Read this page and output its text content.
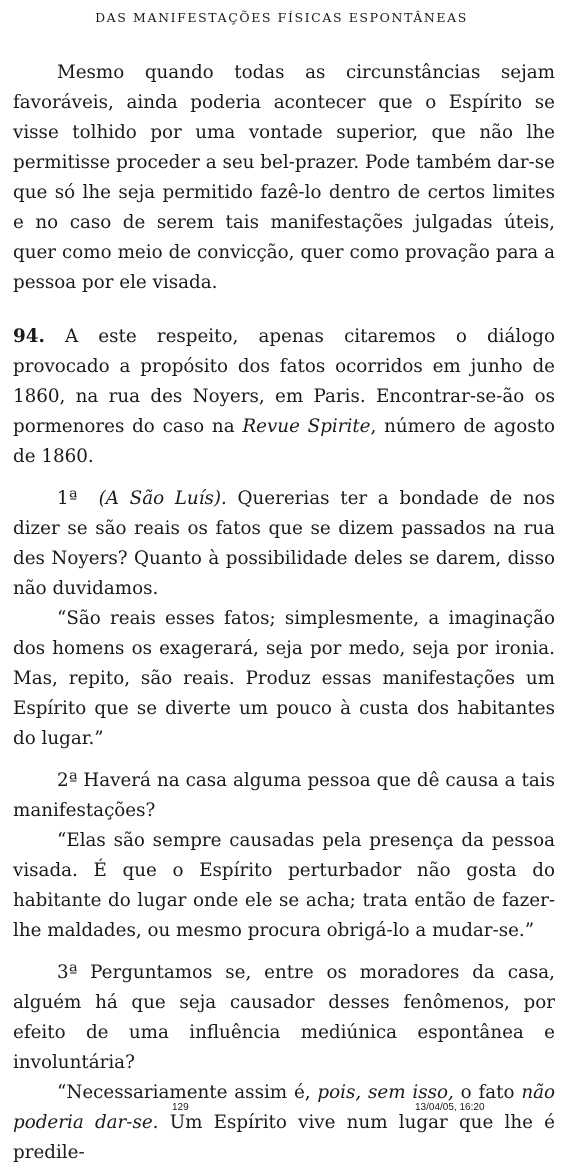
DAS MANIFESTAÇÕES FÍSICAS ESPONTÂNEAS

Mesmo quando todas as circunstâncias sejam favoráveis, ainda poderia acontecer que o Espírito se visse tolhido por uma vontade superior, que não lhe permitisse proceder a seu bel-prazer. Pode também dar-se que só lhe seja permitido fazê-lo dentro de certos limites e no caso de serem tais manifestações julgadas úteis, quer como meio de convicção, quer como provação para a pessoa por ele visada.

94. A este respeito, apenas citaremos o diálogo provocado a propósito dos fatos ocorridos em junho de 1860, na rua des Noyers, em Paris. Encontrar-se-ão os pormenores do caso na Revue Spirite, número de agosto de 1860.

1ª (A São Luís). Quererias ter a bondade de nos dizer se são reais os fatos que se dizem passados na rua des Noyers? Quanto à possibilidade deles se darem, disso não duvidamos.

“São reais esses fatos; simplesmente, a imaginação dos homens os exagerará, seja por medo, seja por ironia. Mas, repito, são reais. Produz essas manifestações um Espírito que se diverte um pouco à custa dos habitantes do lugar.”

2ª Haverá na casa alguma pessoa que dê causa a tais manifestações?

“Elas são sempre causadas pela presença da pessoa visada. É que o Espírito perturbador não gosta do habitante do lugar onde ele se acha; trata então de fazer-lhe maldades, ou mesmo procura obrigá-lo a mudar-se.”

3ª Perguntamos se, entre os moradores da casa, alguém há que seja causador desses fenômenos, por efeito de uma influência mediúnica espontânea e involuntária?

“Necessariamente assim é, pois, sem isso, o fato não poderia dar-se. Um Espírito vive num lugar que lhe é predile-

129	13/04/05, 16:20
